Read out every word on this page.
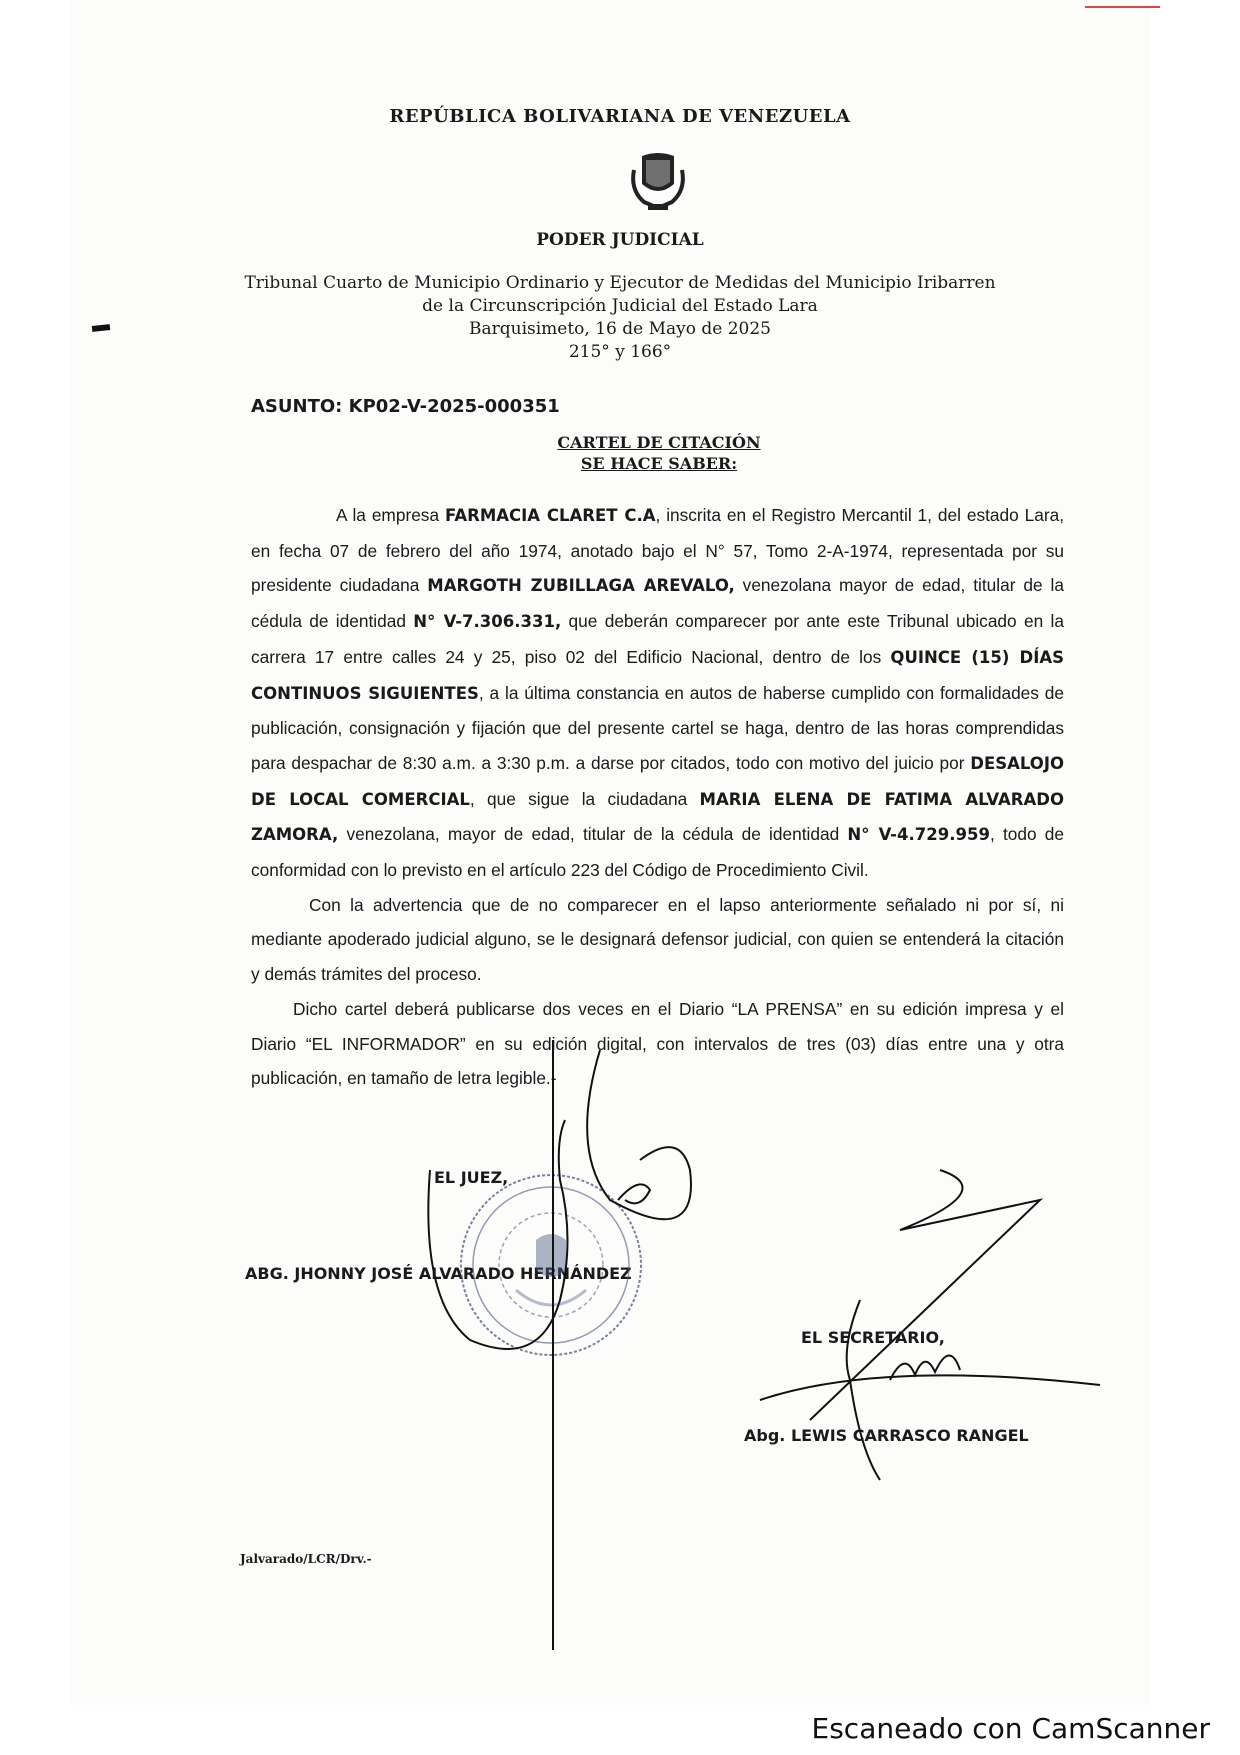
REPÚBLICA BOLIVARIANA DE VENEZUELA
PODER JUDICIAL
Tribunal Cuarto de Municipio Ordinario y Ejecutor de Medidas del Municipio Iribarren
de la Circunscripción Judicial del Estado Lara
Barquisimeto, 16 de Mayo de 2025
215° y 166°
ASUNTO: KP02-V-2025-000351
CARTEL DE CITACIÓN
SE HACE SABER:

A la empresa FARMACIA CLARET C.A, inscrita en el Registro Mercantil 1, del estado Lara, en fecha 07 de febrero del año 1974, anotado bajo el N° 57, Tomo 2-A-1974, representada por su presidente ciudadana MARGOTH ZUBILLAGA AREVALO, venezolana mayor de edad, titular de la cédula de identidad N° V-7.306.331, que deberán comparecer por ante este Tribunal ubicado en la carrera 17 entre calles 24 y 25, piso 02 del Edificio Nacional, dentro de los QUINCE (15) DÍAS CONTINUOS SIGUIENTES, a la última constancia en autos de haberse cumplido con formalidades de publicación, consignación y fijación que del presente cartel se haga, dentro de las horas comprendidas para despachar de 8:30 a.m. a 3:30 p.m. a darse por citados, todo con motivo del juicio por DESALOJO DE LOCAL COMERCIAL, que sigue la ciudadana MARIA ELENA DE FATIMA ALVARADO ZAMORA, venezolana, mayor de edad, titular de la cédula de identidad N° V-4.729.959, todo de conformidad con lo previsto en el artículo 223 del Código de Procedimiento Civil.

Con la advertencia que de no comparecer en el lapso anteriormente señalado ni por sí, ni mediante apoderado judicial alguno, se le designará defensor judicial, con quien se entenderá la citación y demás trámites del proceso.

Dicho cartel deberá publicarse dos veces en el Diario “LA PRENSA” en su edición impresa y el Diario “EL INFORMADOR” en su edición digital, con intervalos de tres (03) días entre una y otra publicación, en tamaño de letra legible.-

EL JUEZ,
ABG. JHONNY JOSÉ ALVARADO HERNÁNDEZ
EL SECRETARIO,
Abg. LEWIS CARRASCO RANGEL
Jalvarado/LCR/Drv.-
Escaneado con CamScanner
